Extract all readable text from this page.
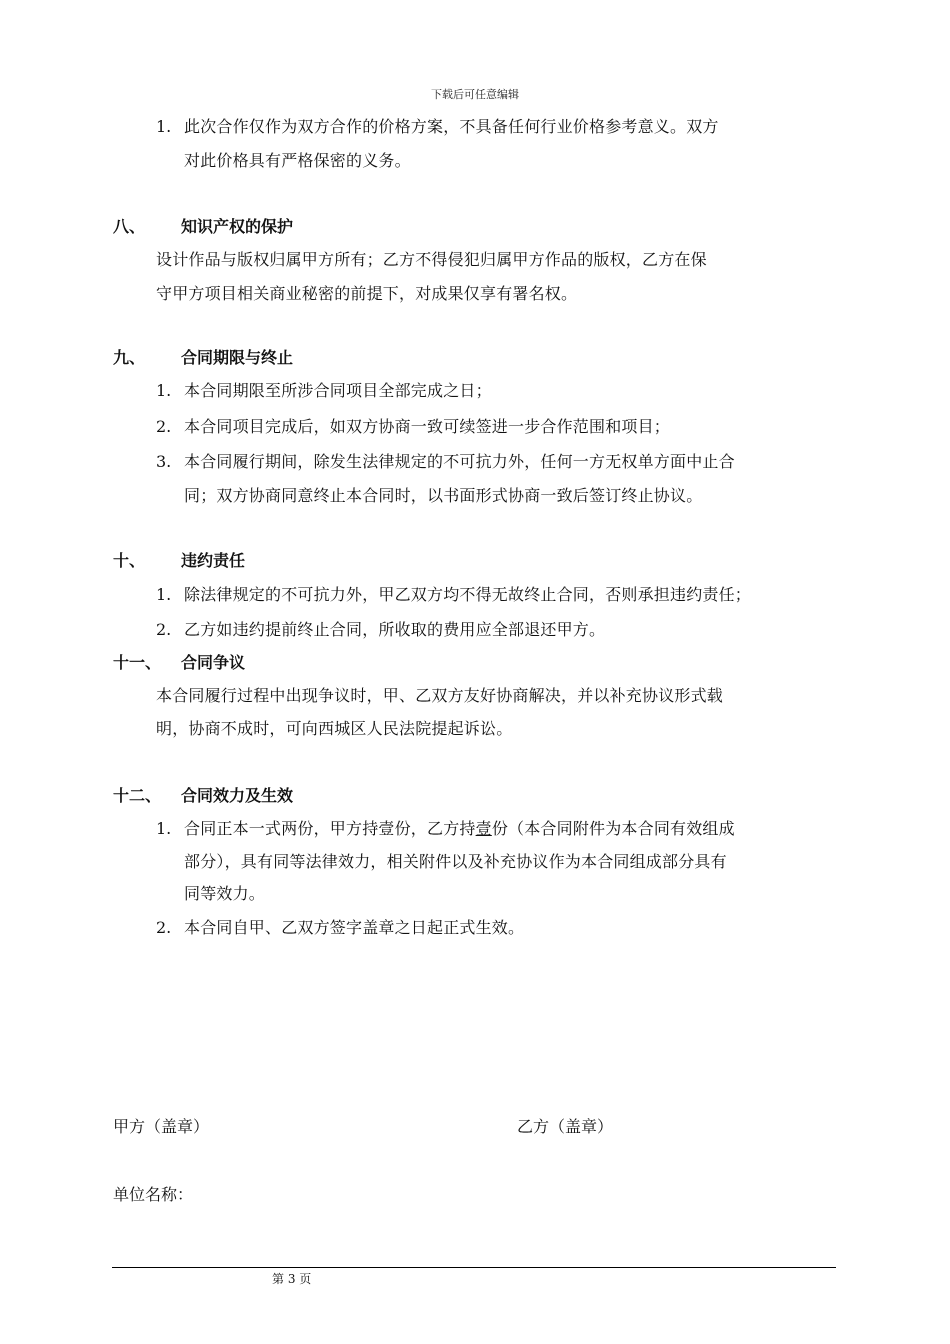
下载后可任意编辑
1. 此次合作仅作为双方合作的价格方案，不具备任何行业价格参考意义。双方
对此价格具有严格保密的义务。
八、 知识产权的保护
设计作品与版权归属甲方所有；乙方不得侵犯归属甲方作品的版权，乙方在保
守甲方项目相关商业秘密的前提下，对成果仅享有署名权。
九、 合同期限与终止
1. 本合同期限至所涉合同项目全部完成之日；
2. 本合同项目完成后，如双方协商一致可续签进一步合作范围和项目；
3. 本合同履行期间，除发生法律规定的不可抗力外，任何一方无权单方面中止合
同；双方协商同意终止本合同时，以书面形式协商一致后签订终止协议。
十、 违约责任
1. 除法律规定的不可抗力外，甲乙双方均不得无故终止合同，否则承担违约责任；
2. 乙方如违约提前终止合同，所收取的费用应全部退还甲方。
十一、 合同争议
本合同履行过程中出现争议时，甲、乙双方友好协商解决，并以补充协议形式载
明，协商不成时，可向西城区人民法院提起诉讼。
十二、 合同效力及生效
1. 合同正本一式两份，甲方持壹份，乙方持壹份（本合同附件为本合同有效组成
部分），具有同等法律效力，相关附件以及补充协议作为本合同组成部分具有
同等效力。
2. 本合同自甲、乙双方签字盖章之日起正式生效。
甲方（盖章）	乙方（盖章）
单位名称：
第 3 页
